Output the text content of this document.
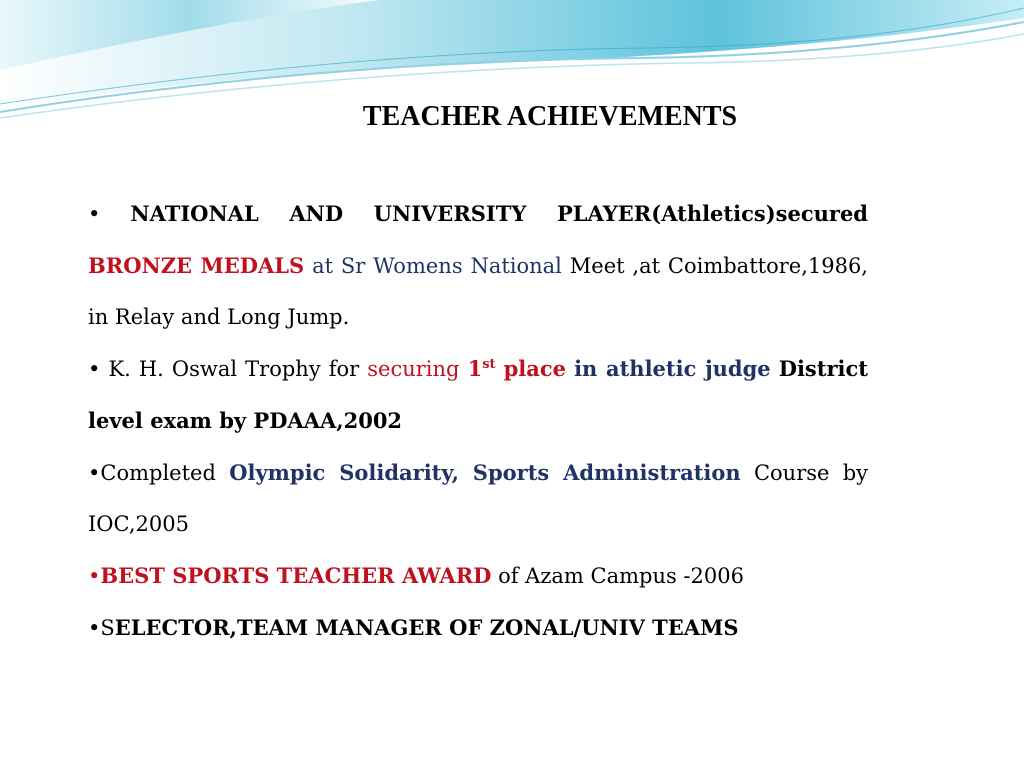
TEACHER ACHIEVEMENTS

• NATIONAL AND UNIVERSITY PLAYER(Athletics)secured BRONZE MEDALS at Sr Womens National Meet ,at Coimbattore,1986, in Relay and Long Jump.

• K. H. Oswal Trophy for securing 1st place in athletic judge District level exam by PDAAA,2002

•Completed Olympic Solidarity, Sports Administration Course by IOC,2005

•BEST SPORTS TEACHER AWARD of Azam Campus -2006

•SELECTOR,TEAM MANAGER OF ZONAL/UNIV TEAMS
